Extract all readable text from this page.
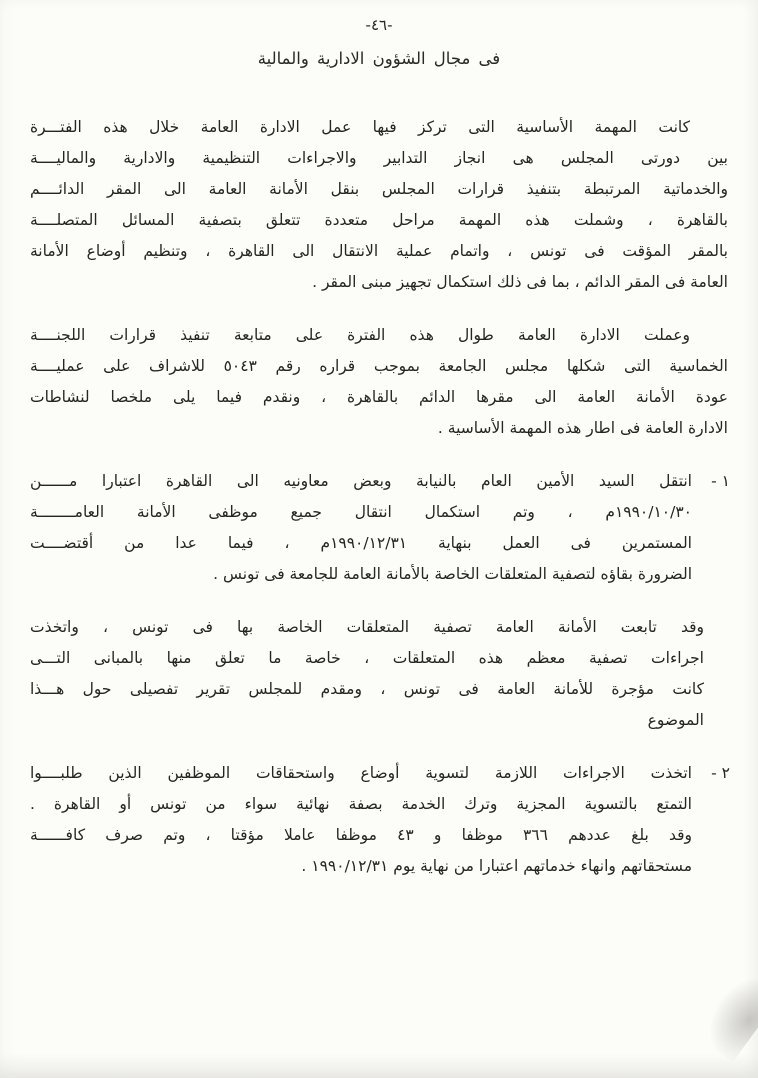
-٤٦-
فى مجال الشؤون الادارية والمالية
كانت المهمة الأساسية التى تركز فيها عمل الادارة العامة خلال هذه الفتـــرة
بين دورتى المجلس هى انجاز التدابير والاجراءات التنظيمية والادارية والماليــــة
والخدماتية المرتبطة بتنفيذ قرارات المجلس بنقل الأمانة العامة الى المقر الدائــــم
بالقاهرة ، وشملت هذه المهمة مراحل متعددة تتعلق بتصفية المسائل المتصلــــة
بالمقر المؤقت فى تونس ، واتمام عملية الانتقال الى القاهرة ، وتنظيم أوضاع الأمانة
العامة فى المقر الدائم ، بما فى ذلك استكمال تجهيز مبنى المقر .
وعملت الادارة العامة طوال هذه الفترة على متابعة تنفيذ قرارات اللجنــــة
الخماسية التى شكلها مجلس الجامعة بموجب قراره رقم ٥٠٤٣ للاشراف على عمليــــة
عودة الأمانة العامة الى مقرها الدائم بالقاهرة ، ونقدم فيما يلى ملخصا لنشاطات
الادارة العامة فى اطار هذه المهمة الأساسية .
١ -
انتقل السيد الأمين العام بالنيابة وبعض معاونيه الى القاهرة اعتبارا مــــــن
١٩٩٠/١٠/٣٠م ، وتم استكمال انتقال جميع موظفى الأمانة العامــــــــة
المستمرين فى العمل بنهاية ١٩٩٠/١٢/٣١م ، فيما عدا من أقتضــــت
الضرورة بقاؤه لتصفية المتعلقات الخاصة بالأمانة العامة للجامعة فى تونس .
وقد تابعت الأمانة العامة تصفية المتعلقات الخاصة بها فى تونس ، واتخذت
اجراءات تصفية معظم هذه المتعلقات ، خاصة ما تعلق منها بالمبانى التـــى
كانت مؤجرة للأمانة العامة فى تونس ، ومقدم للمجلس تقرير تفصيلى حول هـــذا
الموضوع
٢ -
اتخذت الاجراءات اللازمة لتسوية أوضاع واستحقاقات الموظفين الذين طلبــــوا
التمتع بالتسوية المجزية وترك الخدمة بصفة نهائية سواء من تونس أو القاهرة .
وقد بلغ عددهم ٣٦٦ موظفا و ٤٣ موظفا عاملا مؤقتا ، وتم صرف كافــــــة
مستحقاتهم وانهاء خدماتهم اعتبارا من نهاية يوم ١٩٩٠/١٢/٣١ .
